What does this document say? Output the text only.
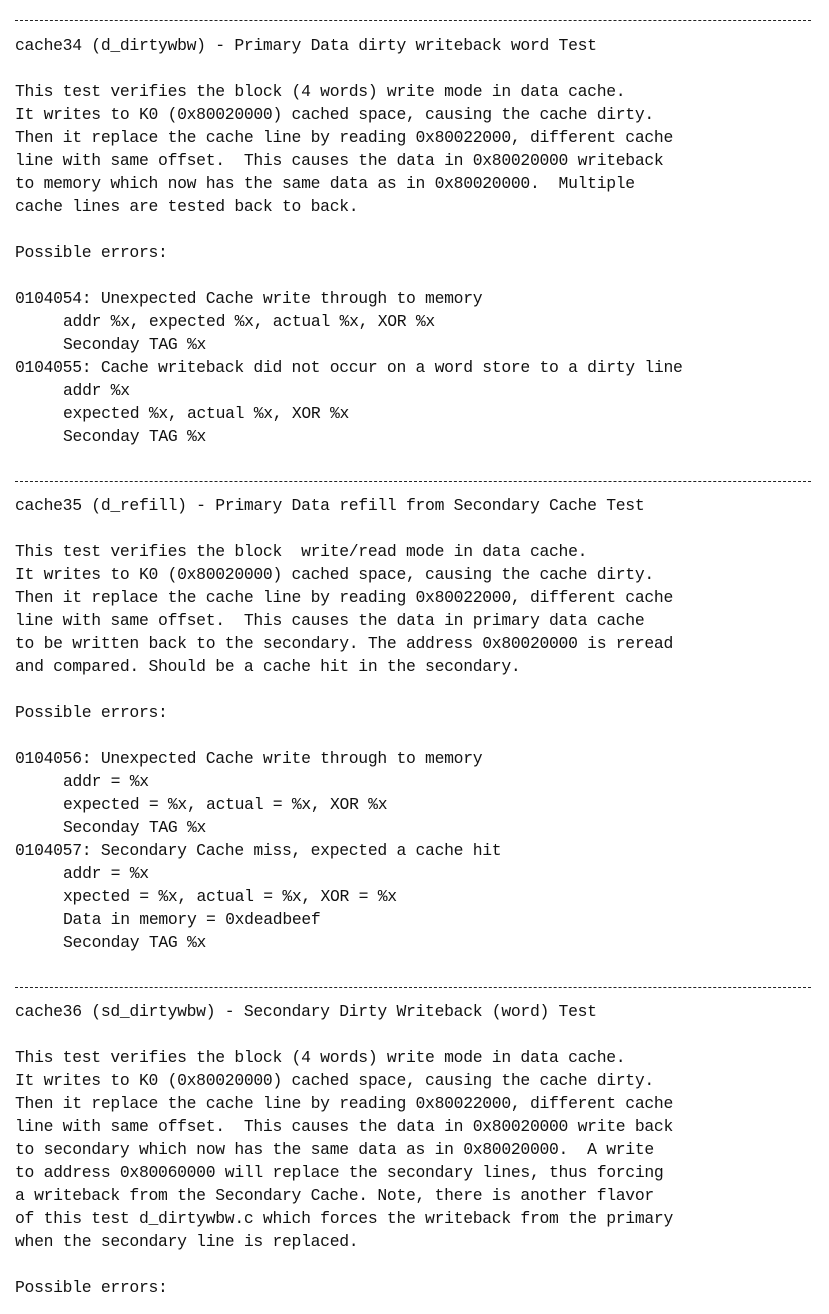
cache34 (d_dirtywbw) - Primary Data dirty writeback word Test
This test verifies the block (4 words) write mode in data cache.
It writes to K0 (0x80020000) cached space, causing the cache dirty.
Then it replace the cache line by reading 0x80022000, different cache
line with same offset.  This causes the data in 0x80020000 writeback
to memory which now has the same data as in 0x80020000.  Multiple
cache lines are tested back to back.
Possible errors:
0104054: Unexpected Cache write through to memory
addr %x, expected %x, actual %x, XOR %x
Seconday TAG %x
0104055: Cache writeback did not occur on a word store to a dirty line
addr %x
expected %x, actual %x, XOR %x
Seconday TAG %x
cache35 (d_refill) - Primary Data refill from Secondary Cache Test
This test verifies the block  write/read mode in data cache.
It writes to K0 (0x80020000) cached space, causing the cache dirty.
Then it replace the cache line by reading 0x80022000, different cache
line with same offset.  This causes the data in primary data cache
to be written back to the secondary. The address 0x80020000 is reread
and compared. Should be a cache hit in the secondary.
Possible errors:
0104056: Unexpected Cache write through to memory
addr = %x
expected = %x, actual = %x, XOR %x
Seconday TAG %x
0104057: Secondary Cache miss, expected a cache hit
addr = %x
xpected = %x, actual = %x, XOR = %x
Data in memory = 0xdeadbeef
Seconday TAG %x
cache36 (sd_dirtywbw) - Secondary Dirty Writeback (word) Test
This test verifies the block (4 words) write mode in data cache.
It writes to K0 (0x80020000) cached space, causing the cache dirty.
Then it replace the cache line by reading 0x80022000, different cache
line with same offset.  This causes the data in 0x80020000 write back
to secondary which now has the same data as in 0x80020000.  A write
to address 0x80060000 will replace the secondary lines, thus forcing
a writeback from the Secondary Cache. Note, there is another flavor
of this test d_dirtywbw.c which forces the writeback from the primary
when the secondary line is replaced.
Possible errors:
